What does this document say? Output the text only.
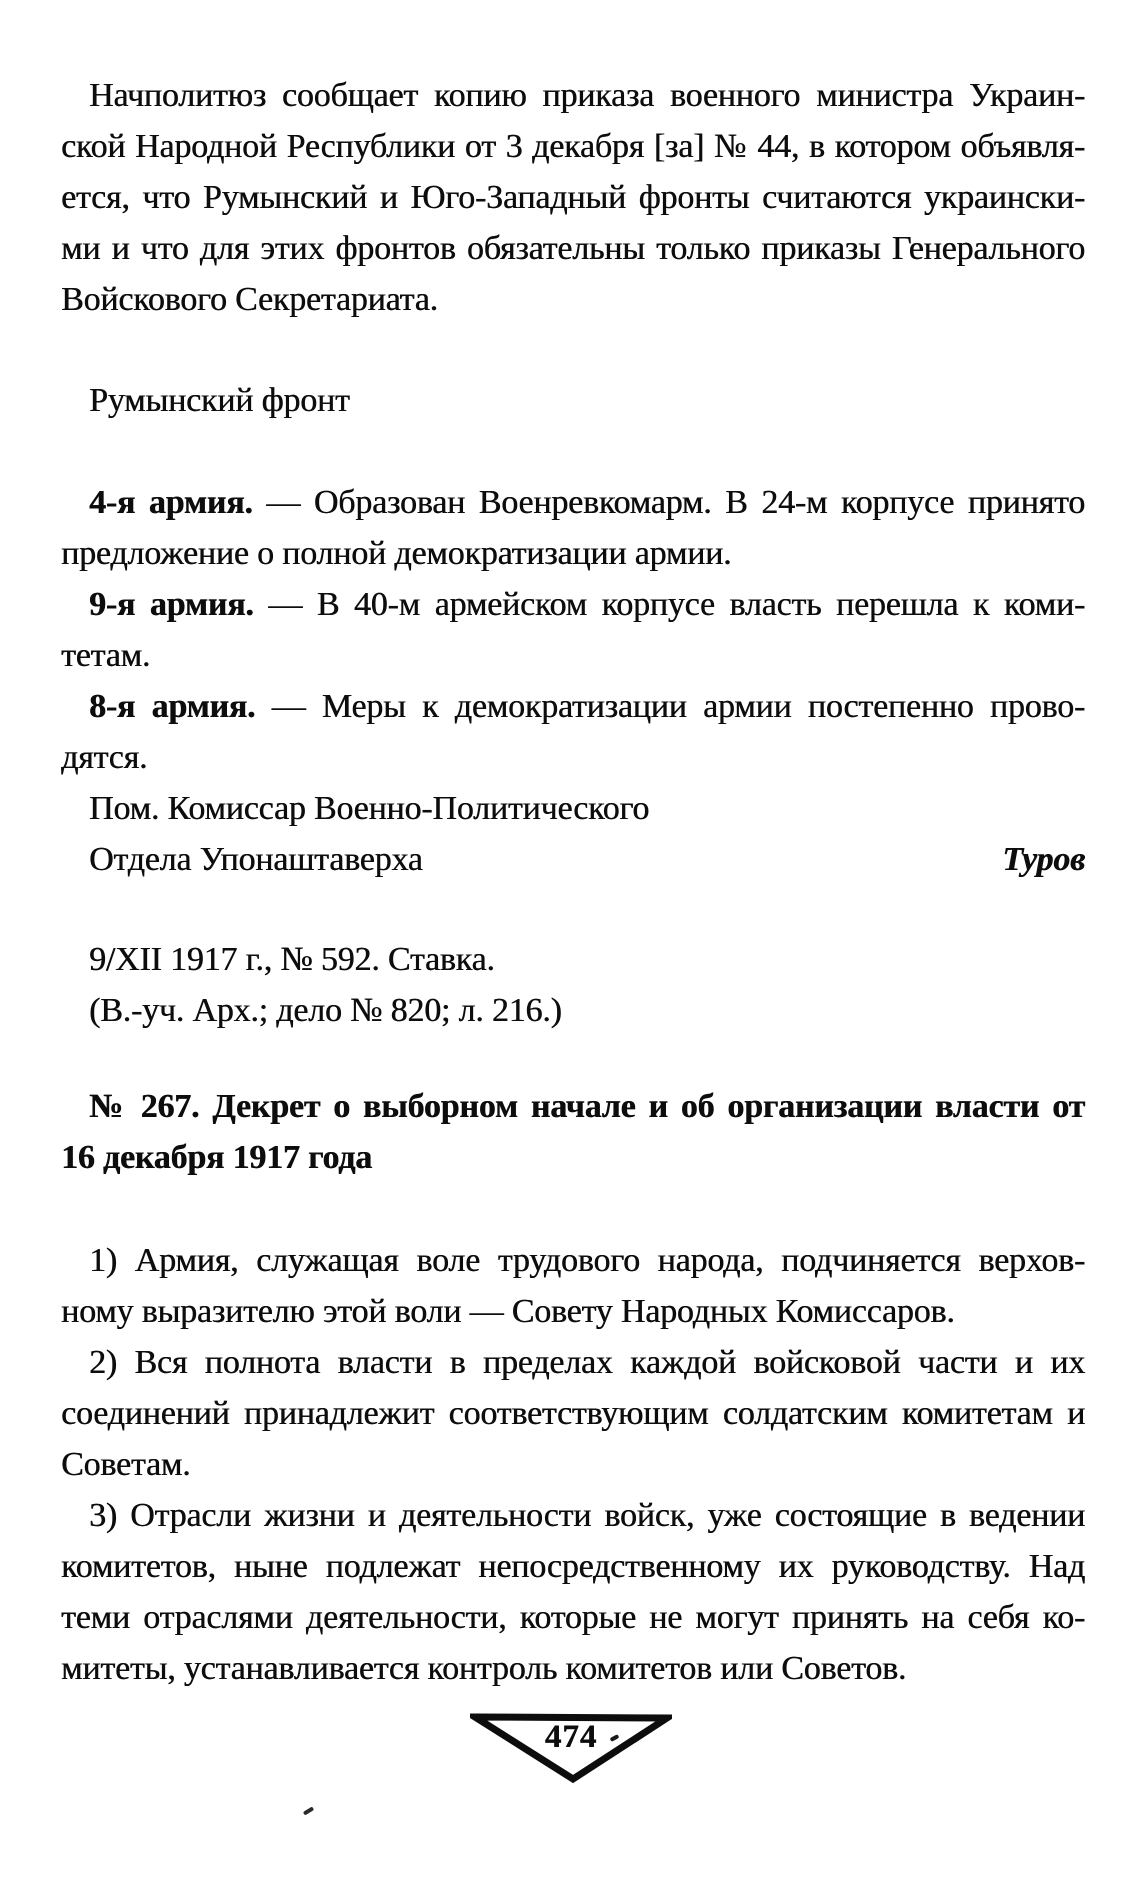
Начполитюз сообщает копию приказа военного министра Украин-
ской Народной Республики от 3 декабря [за] № 44, в котором объявля-
ется, что Румынский и Юго-Западный фронты считаются украински-
ми и что для этих фронтов обязательны только приказы Генерального
Войскового Секретариата.
Румынский фронт
4-я армия. — Образован Военревкомарм. В 24-м корпусе принято
предложение о полной демократизации армии.
9-я армия. — В 40-м армейском корпусе власть перешла к коми-
тетам.
8-я армия. — Меры к демократизации армии постепенно прово-
дятся.
Пом. Комиссар Военно-Политического
Отдела Упонаштаверха	Туров
9/XII 1917 г., № 592. Ставка.
(В.-уч. Арх.; дело № 820; л. 216.)
№ 267. Декрет о выборном начале и об организации власти от
16 декабря 1917 года
1) Армия, служащая воле трудового народа, подчиняется верхов-
ному выразителю этой воли — Совету Народных Комиссаров.
2) Вся полнота власти в пределах каждой войсковой части и их
соединений принадлежит соответствующим солдатским комитетам и
Советам.
3) Отрасли жизни и деятельности войск, уже состоящие в ведении
комитетов, ныне подлежат непосредственному их руководству. Над
теми отраслями деятельности, которые не могут принять на себя ко-
митеты, устанавливается контроль комитетов или Советов.
474
